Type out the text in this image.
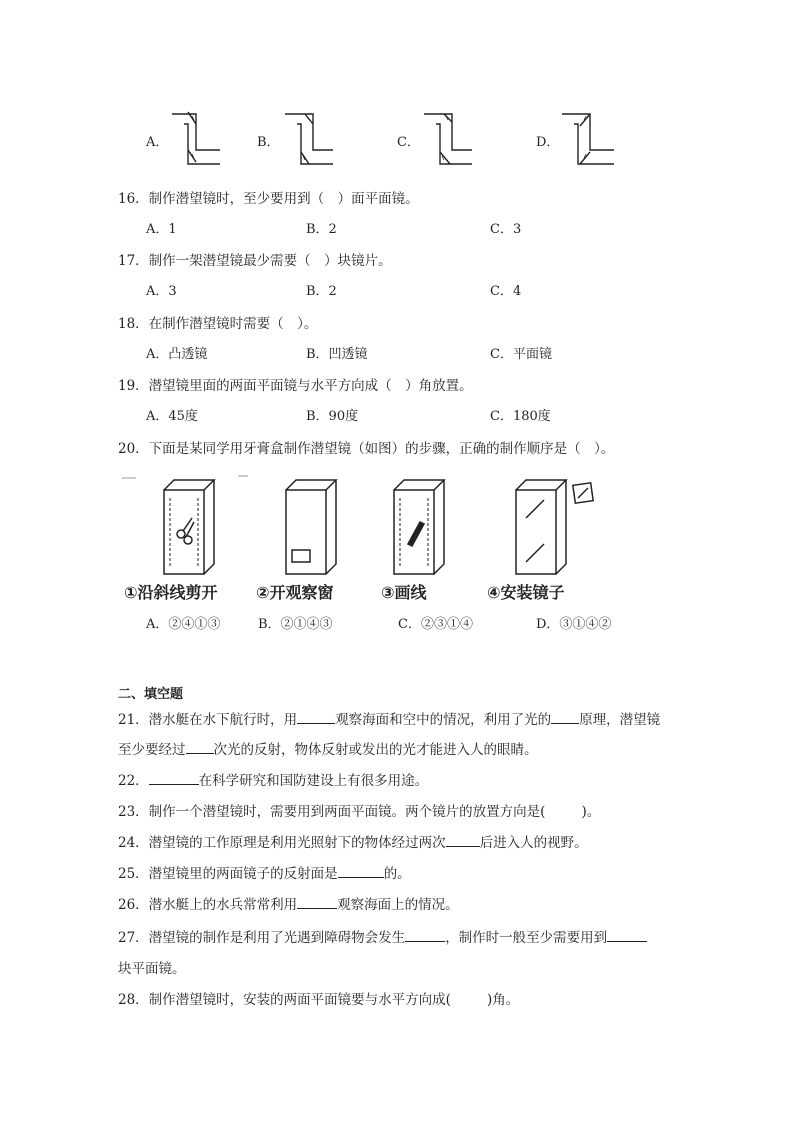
A．	B．	C．	D．
16．制作潜望镜时，至少要用到（　）面平面镜。
A．1	B．2	C．3
17．制作一架潜望镜最少需要（　）块镜片。
A．3	B．2	C．4
18．在制作潜望镜时需要（　）。
A．凸透镜	B．凹透镜	C．平面镜
19．潜望镜里面的两面平面镜与水平方向成（　）角放置。
A．45度	B．90度	C．180度
20．下面是某同学用牙膏盒制作潜望镜（如图）的步骤，正确的制作顺序是（　）。
①沿斜线剪开 ②开观察窗	③画线	④安装镜子
A．②④①③	B．②①④③	C．②③①④	D．③①④②
二、填空题
21．潜水艇在水下航行时，用	观察海面和空中的情况，利用了光的 原理，潜望镜
至少要经过 次光的反射，物体反射或发出的光才能进入人的眼睛。
22．	在科学研究和国防建设上有很多用途。
23．制作一个潜望镜时，需要用到两面平面镜。两个镜片的放置方向是(	)。
24．潜望镜的工作原理是利用光照射下的物体经过两次	后进入人的视野。
25．潜望镜里的两面镜子的反射面是	的。
26．潜水艇上的水兵常常利用	观察海面上的情况。
27．潜望镜的制作是利用了光遇到障碍物会发生	，制作时一般至少需要用到
块平面镜。
28．制作潜望镜时，安装的两面平面镜要与水平方向成(	)角。
